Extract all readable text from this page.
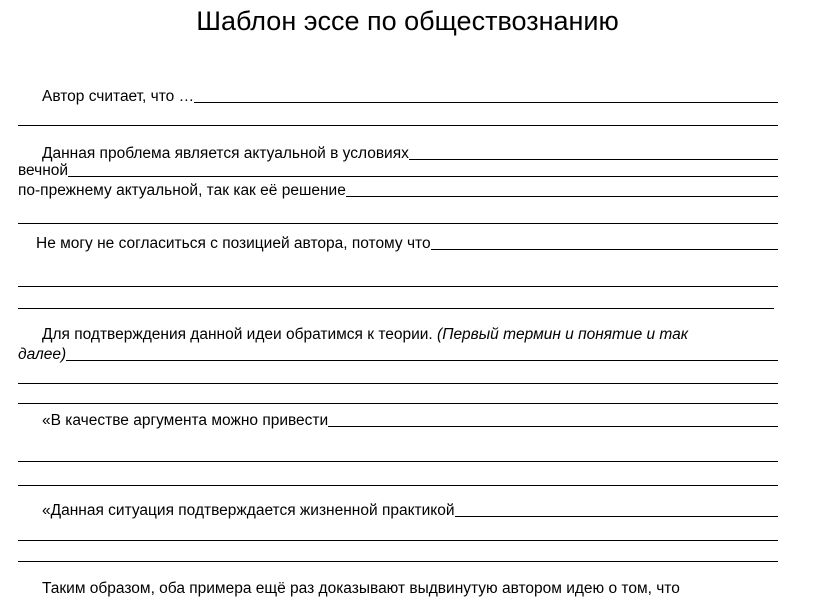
Шаблон эссе по обществознанию
Автор считает, что …
Данная проблема является актуальной в условиях
вечной
по-прежнему актуальной, так как её решение
Не могу не согласиться с позицией автора, потому что
Для подтверждения данной идеи обратимся к теории. (Первый термин и понятие и так
далее)
«В качестве аргумента можно привести
«Данная ситуация подтверждается жизненной практикой
Таким образом, оба примера ещё раз доказывают выдвинутую автором идею о том, что
